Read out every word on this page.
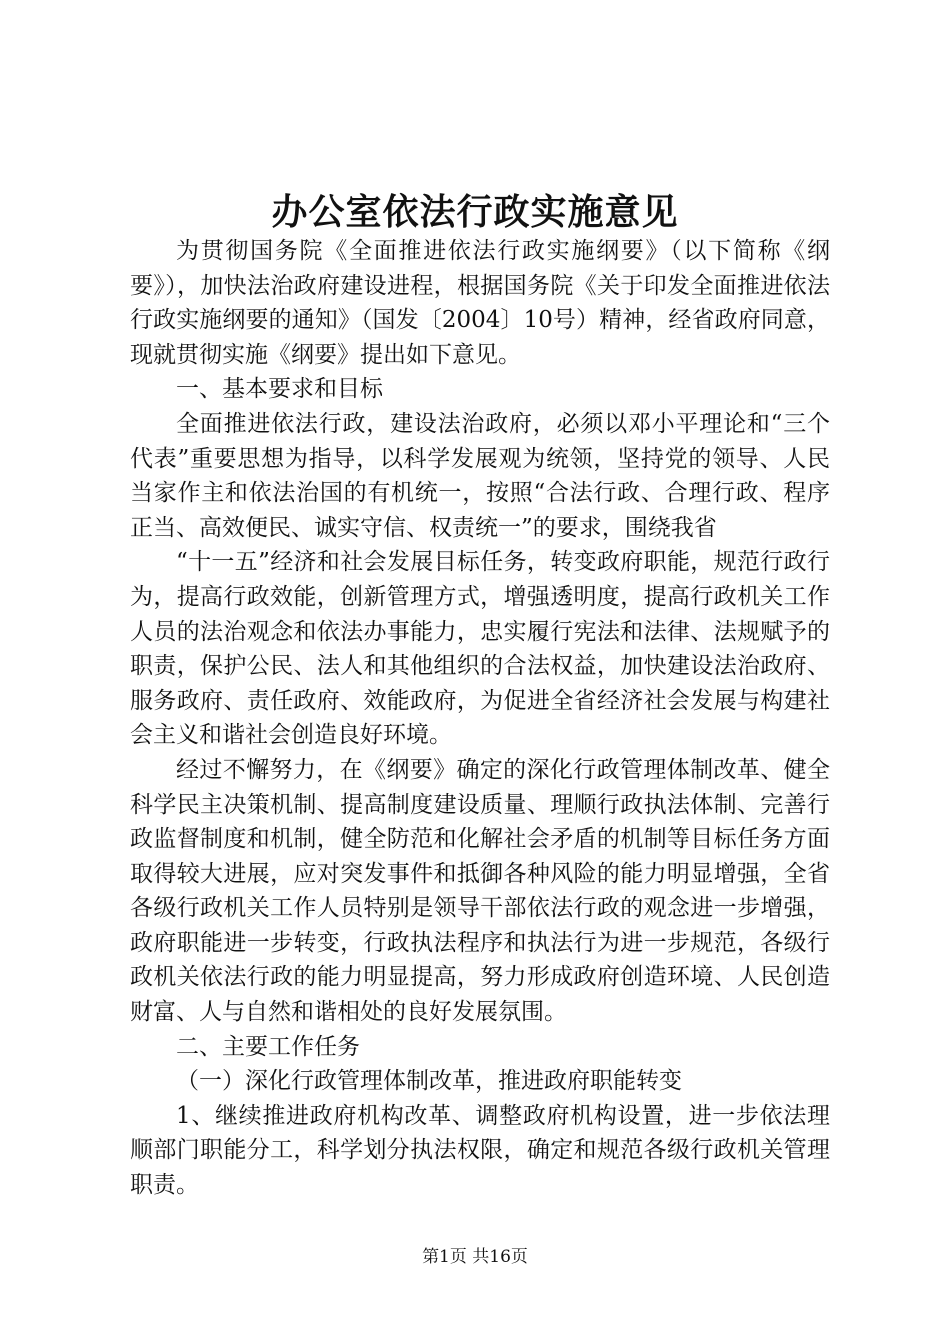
办公室依法行政实施意见

为贯彻国务院《全面推进依法行政实施纲要》（以下简称《纲要》），加快法治政府建设进程，根据国务院《关于印发全面推进依法行政实施纲要的通知》（国发〔2004〕10号）精神，经省政府同意，现就贯彻实施《纲要》提出如下意见。

一、基本要求和目标

全面推进依法行政，建设法治政府，必须以邓小平理论和“三个代表”重要思想为指导，以科学发展观为统领，坚持党的领导、人民当家作主和依法治国的有机统一，按照“合法行政、合理行政、程序正当、高效便民、诚实守信、权责统一”的要求，围绕我省

“十一五”经济和社会发展目标任务，转变政府职能，规范行政行为，提高行政效能，创新管理方式，增强透明度，提高行政机关工作人员的法治观念和依法办事能力，忠实履行宪法和法律、法规赋予的职责，保护公民、法人和其他组织的合法权益，加快建设法治政府、服务政府、责任政府、效能政府，为促进全省经济社会发展与构建社会主义和谐社会创造良好环境。

经过不懈努力，在《纲要》确定的深化行政管理体制改革、健全科学民主决策机制、提高制度建设质量、理顺行政执法体制、完善行政监督制度和机制，健全防范和化解社会矛盾的机制等目标任务方面取得较大进展，应对突发事件和抵御各种风险的能力明显增强，全省各级行政机关工作人员特别是领导干部依法行政的观念进一步增强，政府职能进一步转变，行政执法程序和执法行为进一步规范，各级行政机关依法行政的能力明显提高，努力形成政府创造环境、人民创造财富、人与自然和谐相处的良好发展氛围。

二、主要工作任务

（一）深化行政管理体制改革，推进政府职能转变

1、继续推进政府机构改革、调整政府机构设置，进一步依法理顺部门职能分工，科学划分执法权限，确定和规范各级行政机关管理职责。

第1页 共16页
